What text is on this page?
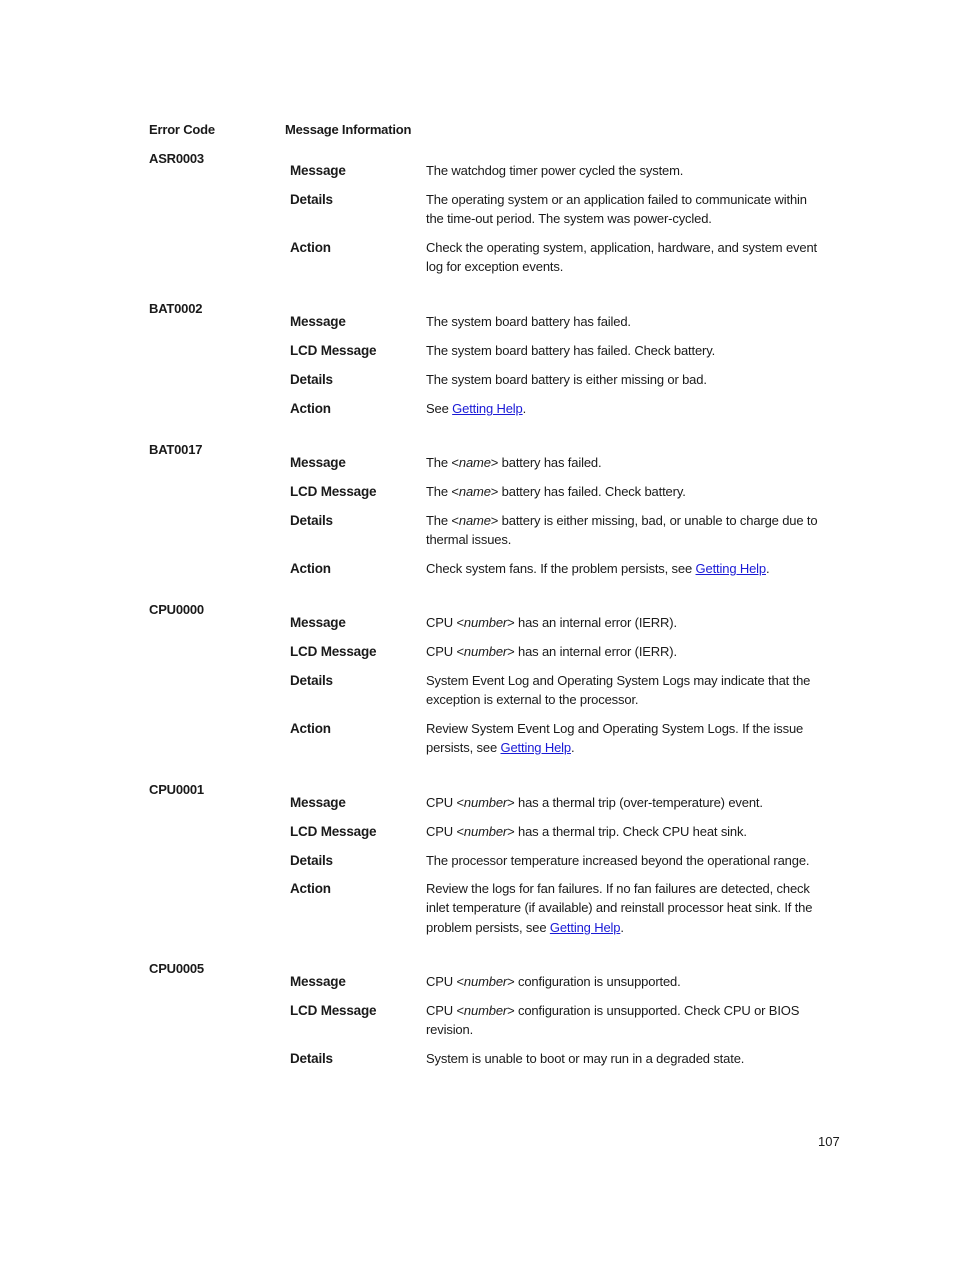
Error Code	Message Information
ASR0003
Message	The watchdog timer power cycled the system.
Details	The operating system or an application failed to communicate within
the time-out period. The system was power-cycled.
Action	Check the operating system, application, hardware, and system event
log for exception events.
BAT0002
Message	The system board battery has failed.
LCD Message	The system board battery has failed. Check battery.
Details	The system board battery is either missing or bad.
Action	See Getting Help.
BAT0017
Message	The <name> battery has failed.
LCD Message	The <name> battery has failed. Check battery.
Details	The <name> battery is either missing, bad, or unable to charge due to
thermal issues.
Action	Check system fans. If the problem persists, see Getting Help.
CPU0000
Message	CPU <number> has an internal error (IERR).
LCD Message	CPU <number> has an internal error (IERR).
Details	System Event Log and Operating System Logs may indicate that the
exception is external to the processor.
Action	Review System Event Log and Operating System Logs. If the issue
persists, see Getting Help.
CPU0001
Message	CPU <number> has a thermal trip (over-temperature) event.
LCD Message	CPU <number> has a thermal trip. Check CPU heat sink.
Details	The processor temperature increased beyond the operational range.
Action	Review the logs for fan failures. If no fan failures are detected, check
inlet temperature (if available) and reinstall processor heat sink. If the
problem persists, see Getting Help.
CPU0005
Message	CPU <number> configuration is unsupported.
LCD Message	CPU <number> configuration is unsupported. Check CPU or BIOS
revision.
Details	System is unable to boot or may run in a degraded state.
107
